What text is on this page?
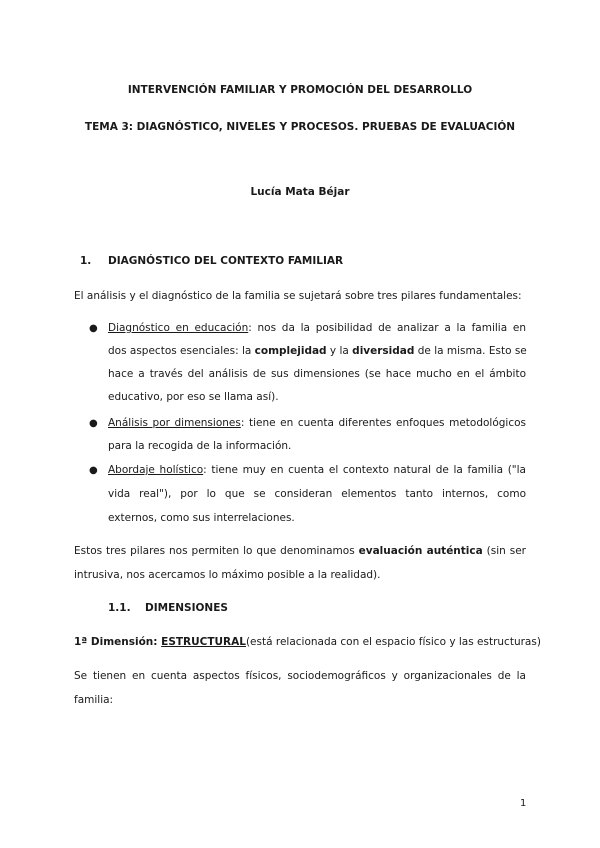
INTERVENCIÓN FAMILIAR Y PROMOCIÓN DEL DESARROLLO
TEMA 3: DIAGNÓSTICO, NIVELES Y PROCESOS. PRUEBAS DE EVALUACIÓN
Lucía Mata Béjar
1. DIAGNÓSTICO DEL CONTEXTO FAMILIAR
El análisis y el diagnóstico de la familia se sujetará sobre tres pilares fundamentales:
● Diagnóstico en educación: nos da la posibilidad de analizar a la familia en
dos aspectos esenciales: la complejidad y la diversidad de la misma. Esto se
hace a través del análisis de sus dimensiones (se hace mucho en el ámbito
educativo, por eso se llama así).
● Análisis por dimensiones: tiene en cuenta diferentes enfoques metodológicos
para la recogida de la información.
● Abordaje holístico: tiene muy en cuenta el contexto natural de la familia ("la
vida real"), por lo que se consideran elementos tanto internos, como
externos, como sus interrelaciones.
Estos tres pilares nos permiten lo que denominamos evaluación auténtica (sin ser
intrusiva, nos acercamos lo máximo posible a la realidad).
1.1. DIMENSIONES
1ª Dimensión: ESTRUCTURAL(está relacionada con el espacio físico y las estructuras)
Se tienen en cuenta aspectos físicos, sociodemográficos y organizacionales de la
familia:
1
